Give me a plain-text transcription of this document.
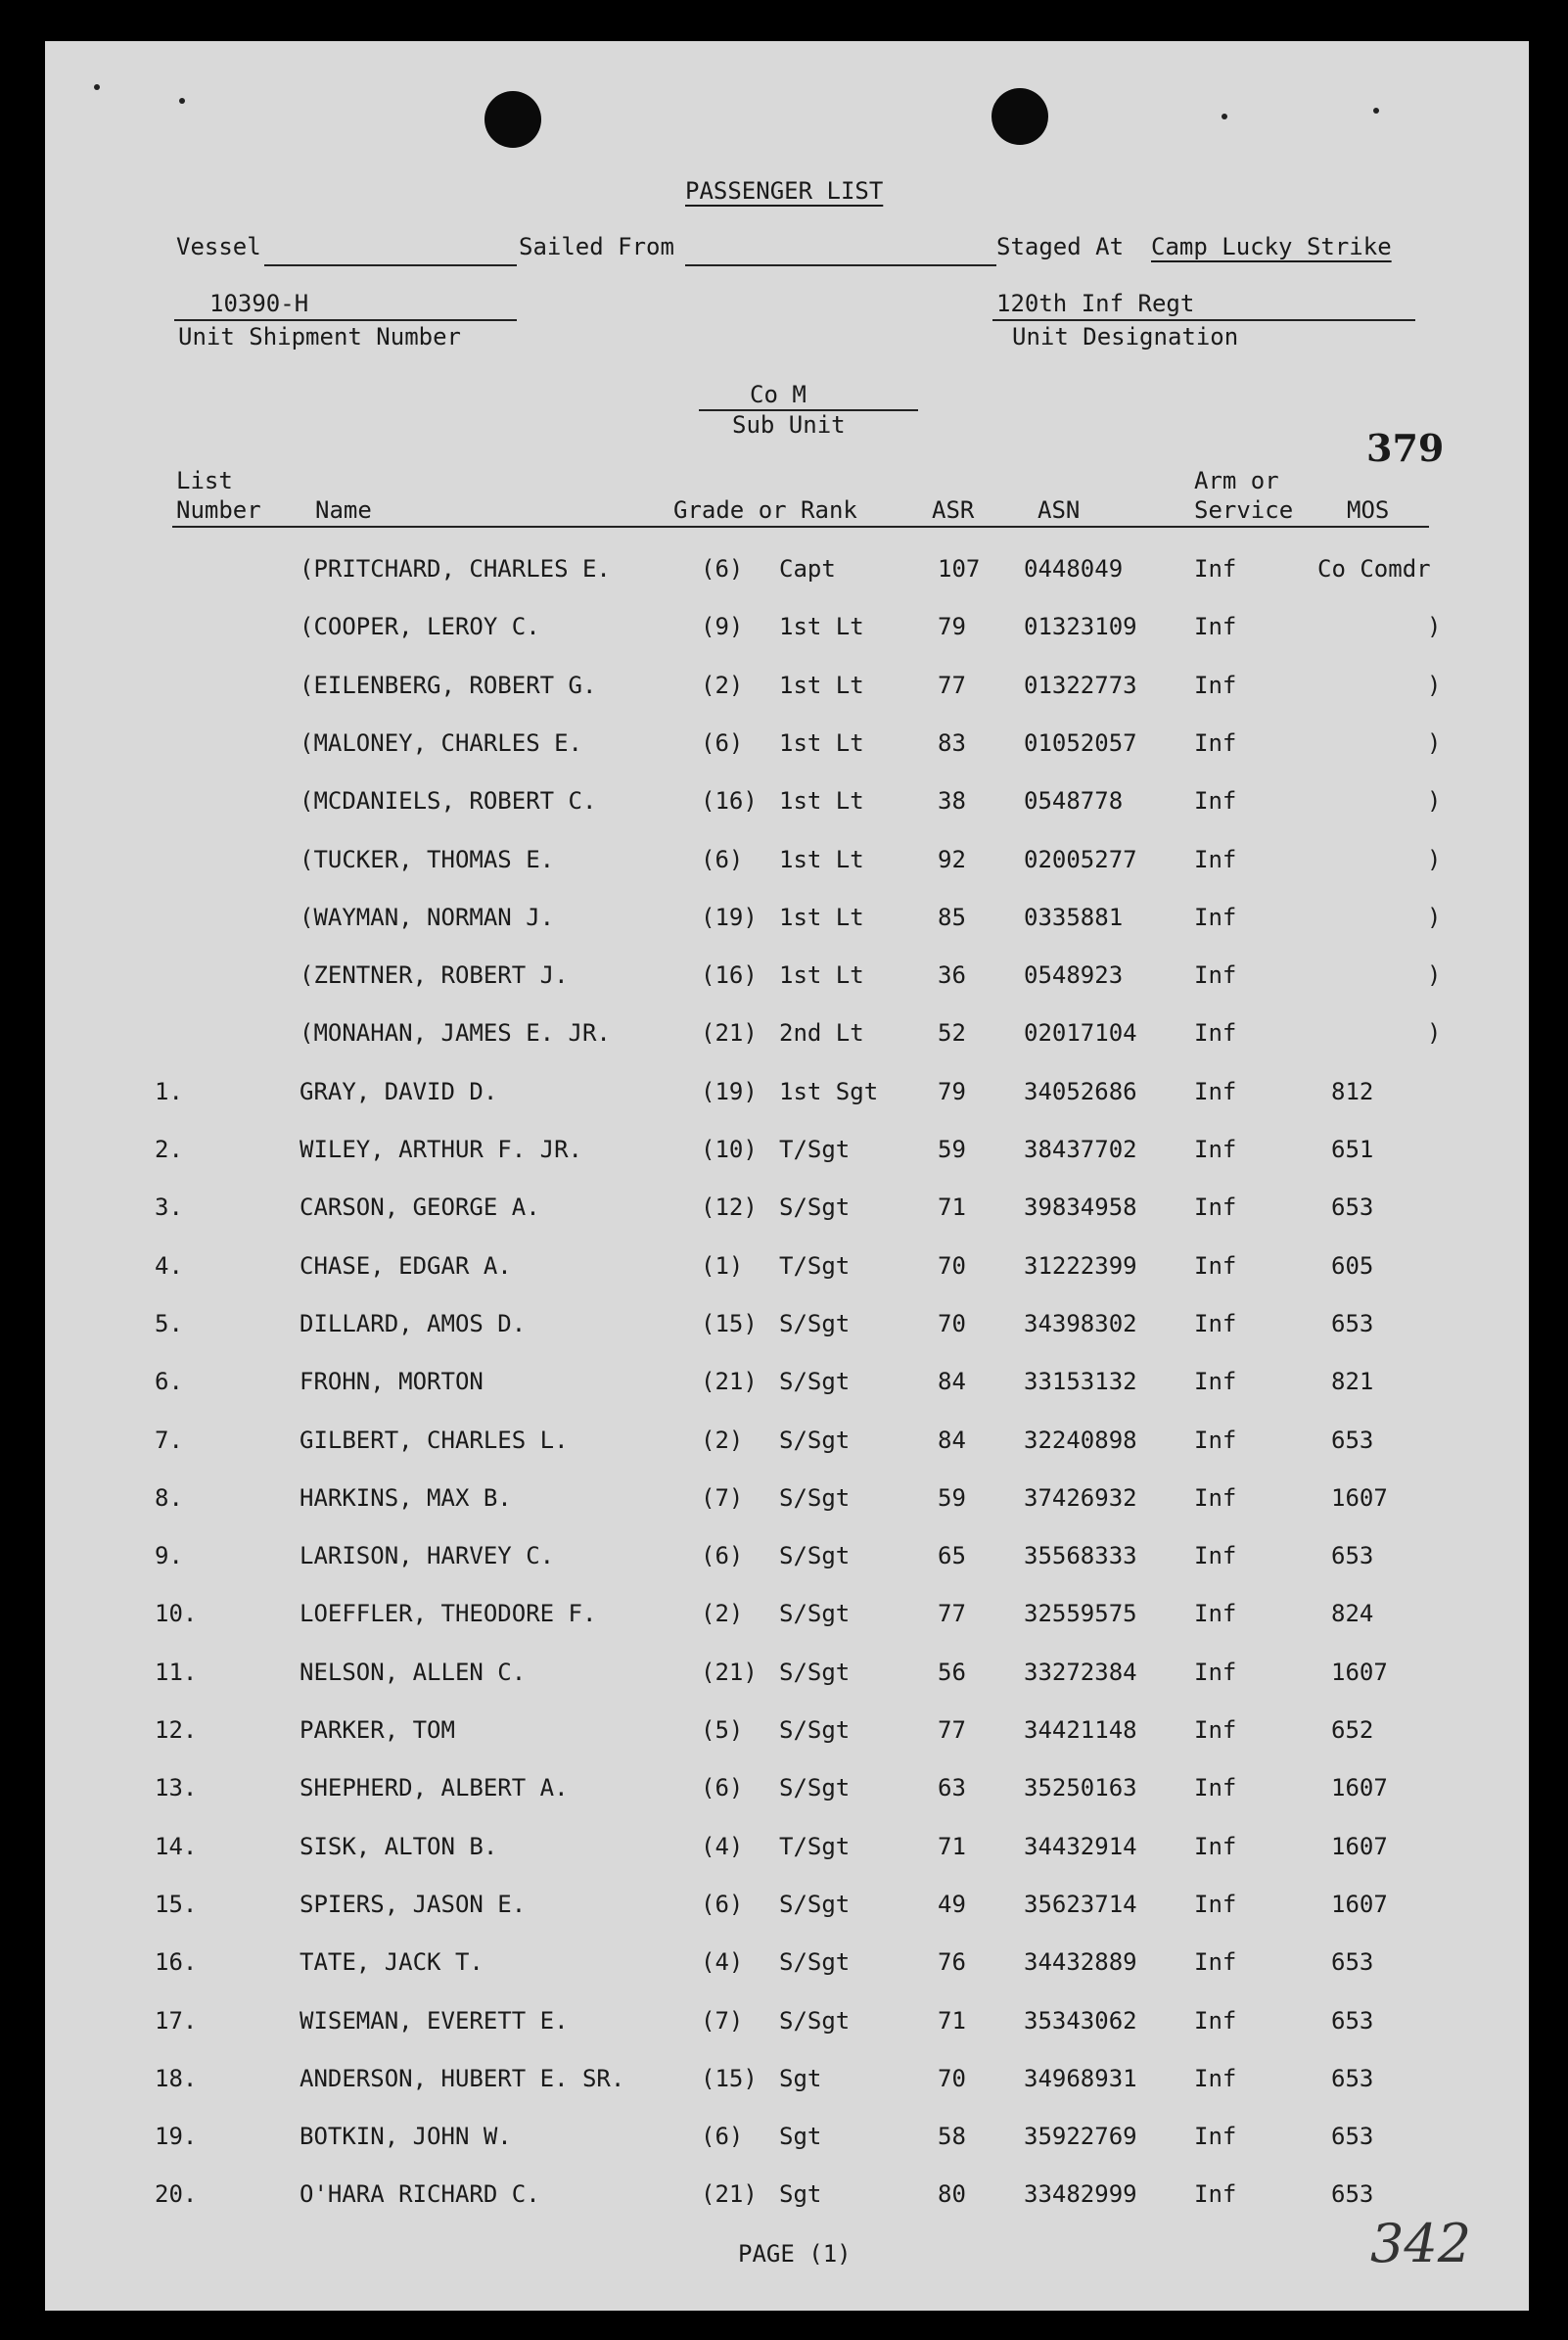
PASSENGER LIST
Vessel	Sailed From	Staged At Camp Lucky Strike
10390-H
Unit Shipment Number
120th Inf Regt
Unit Designation
Co M
Sub Unit
379
List
Number Name	Grade or Rank	ASR	ASN
Arm or
Service MOS
(PRITCHARD, CHARLES E.	(6) Capt	107 0448049	Inf	Co Comdr
(COOPER, LEROY C.	(9) 1st Lt	79 01323109 Inf	)
(EILENBERG, ROBERT G.	(2) 1st Lt	77 01322773 Inf	)
(MALONEY, CHARLES E.	(6) 1st Lt	83 01052057 Inf	)
(MCDANIELS, ROBERT C.	(16) 1st Lt	38 0548778	Inf	)
(TUCKER, THOMAS E.	(6) 1st Lt	92 02005277 Inf	)
(WAYMAN, NORMAN J.	(19) 1st Lt	85 0335881	Inf	)
(ZENTNER, ROBERT J.	(16) 1st Lt	36 0548923	Inf	)
(MONAHAN, JAMES E. JR.	(21) 2nd Lt	52 02017104 Inf	)
1.	GRAY, DAVID D.	(19) 1st Sgt	79 34052686 Inf	812
2.	WILEY, ARTHUR F. JR.	(10) T/Sgt	59 38437702 Inf	651
3.	CARSON, GEORGE A.	(12) S/Sgt	71 39834958 Inf	653
4.	CHASE, EDGAR A.	(1) T/Sgt	70 31222399 Inf	605
5.	DILLARD, AMOS D.	(15) S/Sgt	70 34398302 Inf	653
6.	FROHN, MORTON	(21) S/Sgt	84 33153132 Inf	821
7.	GILBERT, CHARLES L.	(2) S/Sgt	84 32240898 Inf	653
8.	HARKINS, MAX B.	(7) S/Sgt	59 37426932 Inf	1607
9.	LARISON, HARVEY C.	(6) S/Sgt	65 35568333 Inf	653
10.	LOEFFLER, THEODORE F.	(2) S/Sgt	77 32559575 Inf	824
11.	NELSON, ALLEN C.	(21) S/Sgt	56 33272384 Inf	1607
12.	PARKER, TOM	(5) S/Sgt	77 34421148 Inf	652
13.	SHEPHERD, ALBERT A.	(6) S/Sgt	63 35250163 Inf	1607
14.	SISK, ALTON B.	(4) T/Sgt	71 34432914 Inf	1607
15.	SPIERS, JASON E.	(6) S/Sgt	49 35623714 Inf	1607
16.	TATE, JACK T.	(4) S/Sgt	76 34432889 Inf	653
17.	WISEMAN, EVERETT E.	(7) S/Sgt	71 35343062 Inf	653
18.	ANDERSON, HUBERT E. SR.	(15) Sgt	70 34968931 Inf	653
19.	BOTKIN, JOHN W.	(6) Sgt	58 35922769 Inf	653
20.	O'HARA RICHARD C.	(21) Sgt	80 33482999 Inf	653
PAGE (1)	342
